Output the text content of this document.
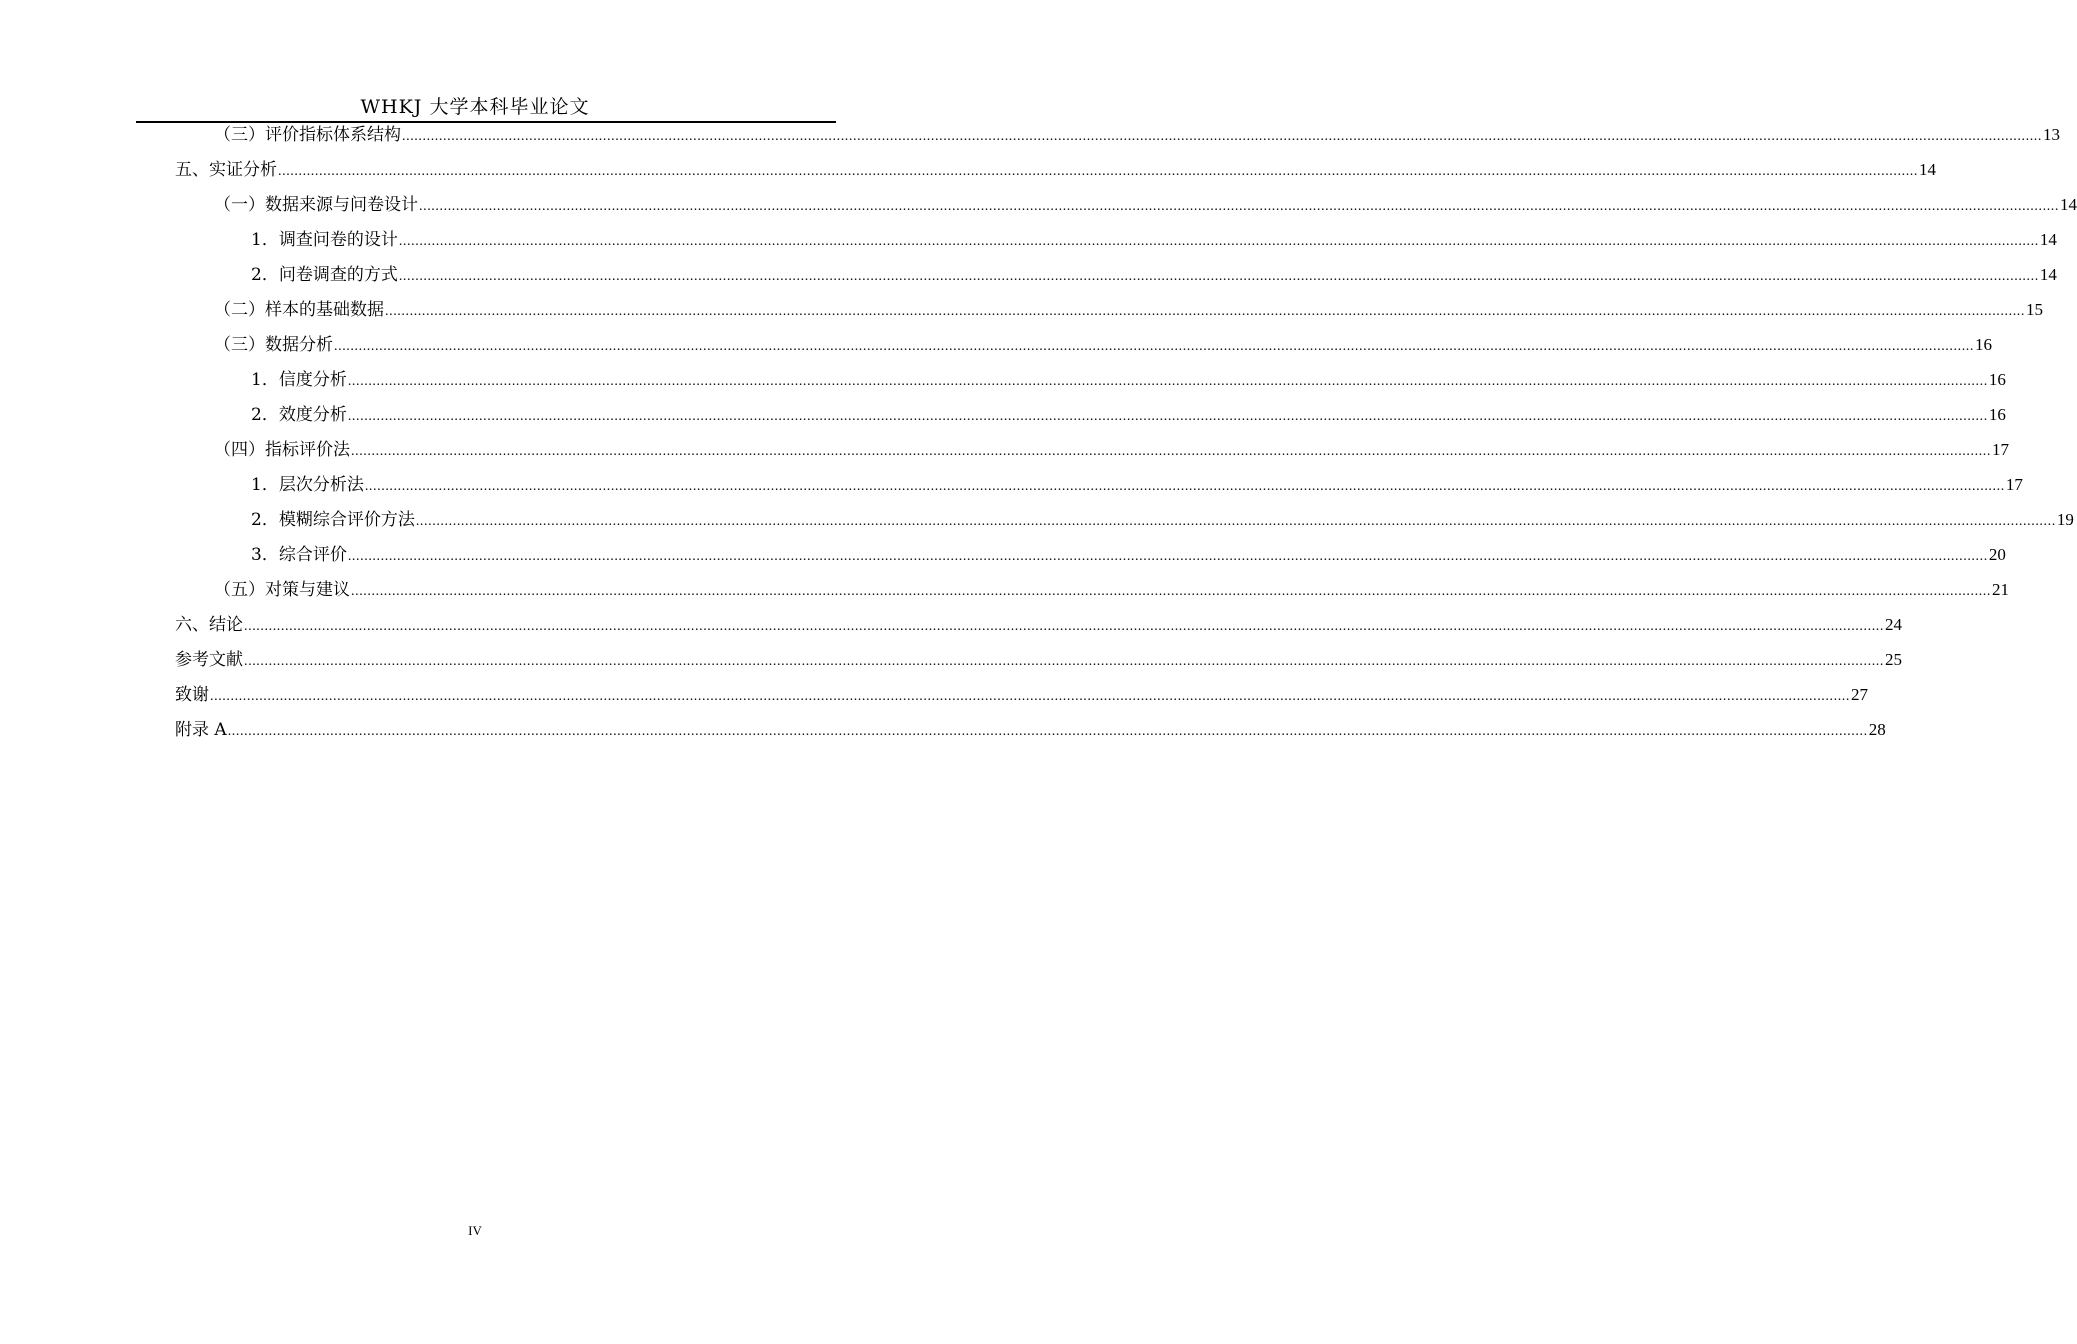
WHKJ 大学本科毕业论文
（三）评价指标体系结构 ................................................................................................................................................................................................................................................................................................................................................................................................................ 13
五、实证分析 ................................................................................................................................................................................................................................................................................................................................................................................................................ 14
（一）数据来源与问卷设计 ................................................................................................................................................................................................................................................................................................................................................................................................................ 14
1．调查问卷的设计 ................................................................................................................................................................................................................................................................................................................................................................................................................ 14
2．问卷调查的方式 ................................................................................................................................................................................................................................................................................................................................................................................................................ 14
（二）样本的基础数据 ................................................................................................................................................................................................................................................................................................................................................................................................................ 15
（三）数据分析 ................................................................................................................................................................................................................................................................................................................................................................................................................ 16
1．信度分析 ................................................................................................................................................................................................................................................................................................................................................................................................................ 16
2．效度分析 ................................................................................................................................................................................................................................................................................................................................................................................................................ 16
（四）指标评价法 ................................................................................................................................................................................................................................................................................................................................................................................................................ 17
1．层次分析法 ................................................................................................................................................................................................................................................................................................................................................................................................................ 17
2．模糊综合评价方法 ................................................................................................................................................................................................................................................................................................................................................................................................................ 19
3．综合评价 ................................................................................................................................................................................................................................................................................................................................................................................................................ 20
（五）对策与建议 ................................................................................................................................................................................................................................................................................................................................................................................................................ 21
六、结论 ................................................................................................................................................................................................................................................................................................................................................................................................................ 24
参考文献 ................................................................................................................................................................................................................................................................................................................................................................................................................ 25
致谢 ................................................................................................................................................................................................................................................................................................................................................................................................................ 27
附录 A ................................................................................................................................................................................................................................................................................................................................................................................................................ 28
IV
